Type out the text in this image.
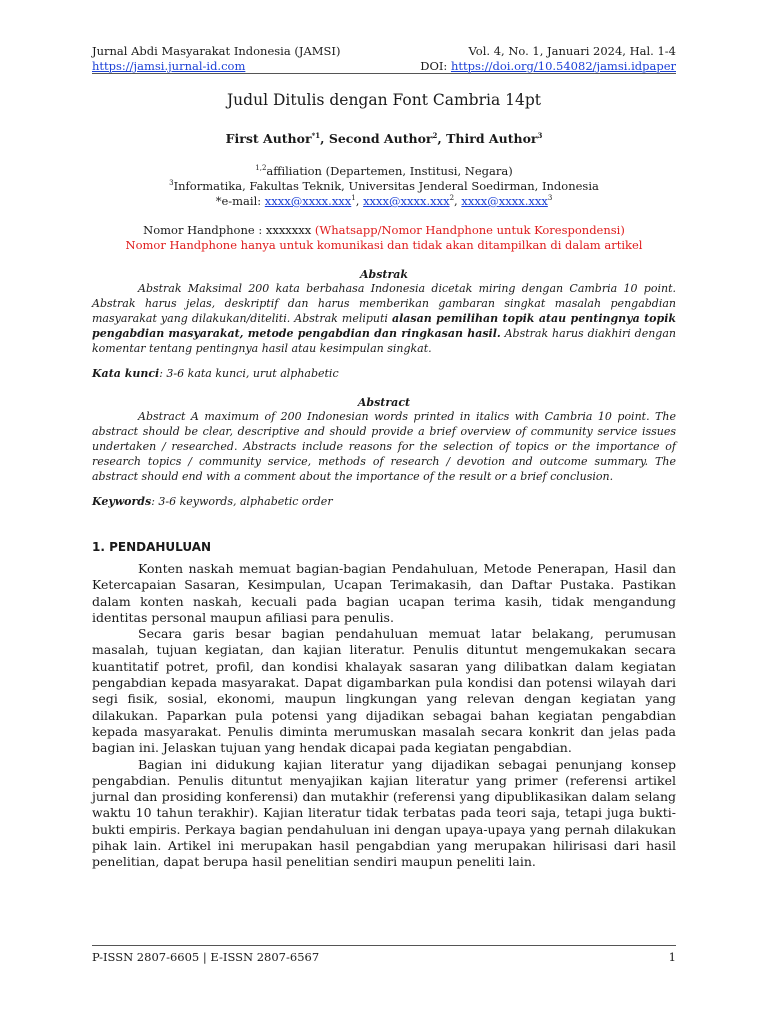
Jurnal Abdi Masyarakat Indonesia (JAMSI)
https://jamsi.jurnal-id.com
Vol. 4, No. 1, Januari 2024, Hal. 1-4
DOI: https://doi.org/10.54082/jamsi.idpaper
Judul Ditulis dengan Font Cambria 14pt
First Author$^{*1}$, Second Author$^2$, Third Author$^3$
$^{1,2}$affiliation (Departemen, Institusi, Negara)
$^3$Informatika, Fakultas Teknik, Universitas Jenderal Soedirman, Indonesia
*e-mail: xxxx@xxxx.xxx$^1$, xxxx@xxxx.xxx$^2$, xxxx@xxxx.xxx$^3$
Nomor Handphone : xxxxxxx (Whatsapp/Nomor Handphone untuk Korespondensi)
Nomor Handphone hanya untuk komunikasi dan tidak akan ditampilkan di dalam artikel
Abstrak
Abstrak Maksimal 200 kata berbahasa Indonesia dicetak miring dengan Cambria 10 point. Abstrak harus jelas, deskriptif dan harus memberikan gambaran singkat masalah pengabdian masyarakat yang dilakukan/diteliti. Abstrak meliputi alasan pemilihan topik atau pentingnya topik pengabdian masyarakat, metode pengabdian dan ringkasan hasil. Abstrak harus diakhiri dengan komentar tentang pentingnya hasil atau kesimpulan singkat.
Kata kunci: 3-6 kata kunci, urut alphabetic
Abstract
Abstract A maximum of 200 Indonesian words printed in italics with Cambria 10 point. The abstract should be clear, descriptive and should provide a brief overview of community service issues undertaken / researched. Abstracts include reasons for the selection of topics or the importance of research topics / community service, methods of research / devotion and outcome summary. The abstract should end with a comment about the importance of the result or a brief conclusion.
Keywords: 3-6 keywords, alphabetic order
1. PENDAHULUAN

Konten naskah memuat bagian-bagian Pendahuluan, Metode Penerapan, Hasil dan Ketercapaian Sasaran, Kesimpulan, Ucapan Terimakasih, dan Daftar Pustaka. Pastikan dalam konten naskah, kecuali pada bagian ucapan terima kasih, tidak mengandung identitas personal maupun afiliasi para penulis.

Secara garis besar bagian pendahuluan memuat latar belakang, perumusan masalah, tujuan kegiatan, dan kajian literatur. Penulis dituntut mengemukakan secara kuantitatif potret, profil, dan kondisi khalayak sasaran yang dilibatkan dalam kegiatan pengabdian kepada masyarakat. Dapat digambarkan pula kondisi dan potensi wilayah dari segi fisik, sosial, ekonomi, maupun lingkungan yang relevan dengan kegiatan yang dilakukan. Paparkan pula potensi yang dijadikan sebagai bahan kegiatan pengabdian kepada masyarakat. Penulis diminta merumuskan masalah secara konkrit dan jelas pada bagian ini. Jelaskan tujuan yang hendak dicapai pada kegiatan pengabdian.

Bagian ini didukung kajian literatur yang dijadikan sebagai penunjang konsep pengabdian. Penulis dituntut menyajikan kajian literatur yang primer (referensi artikel jurnal dan prosiding konferensi) dan mutakhir (referensi yang dipublikasikan dalam selang waktu 10 tahun terakhir). Kajian literatur tidak terbatas pada teori saja, tetapi juga bukti-bukti empiris. Perkaya bagian pendahuluan ini dengan upaya-upaya yang pernah dilakukan pihak lain. Artikel ini merupakan hasil pengabdian yang merupakan hilirisasi dari hasil penelitian, dapat berupa hasil penelitian sendiri maupun peneliti lain.

P-ISSN 2807-6605 | E-ISSN 2807-6567	1
